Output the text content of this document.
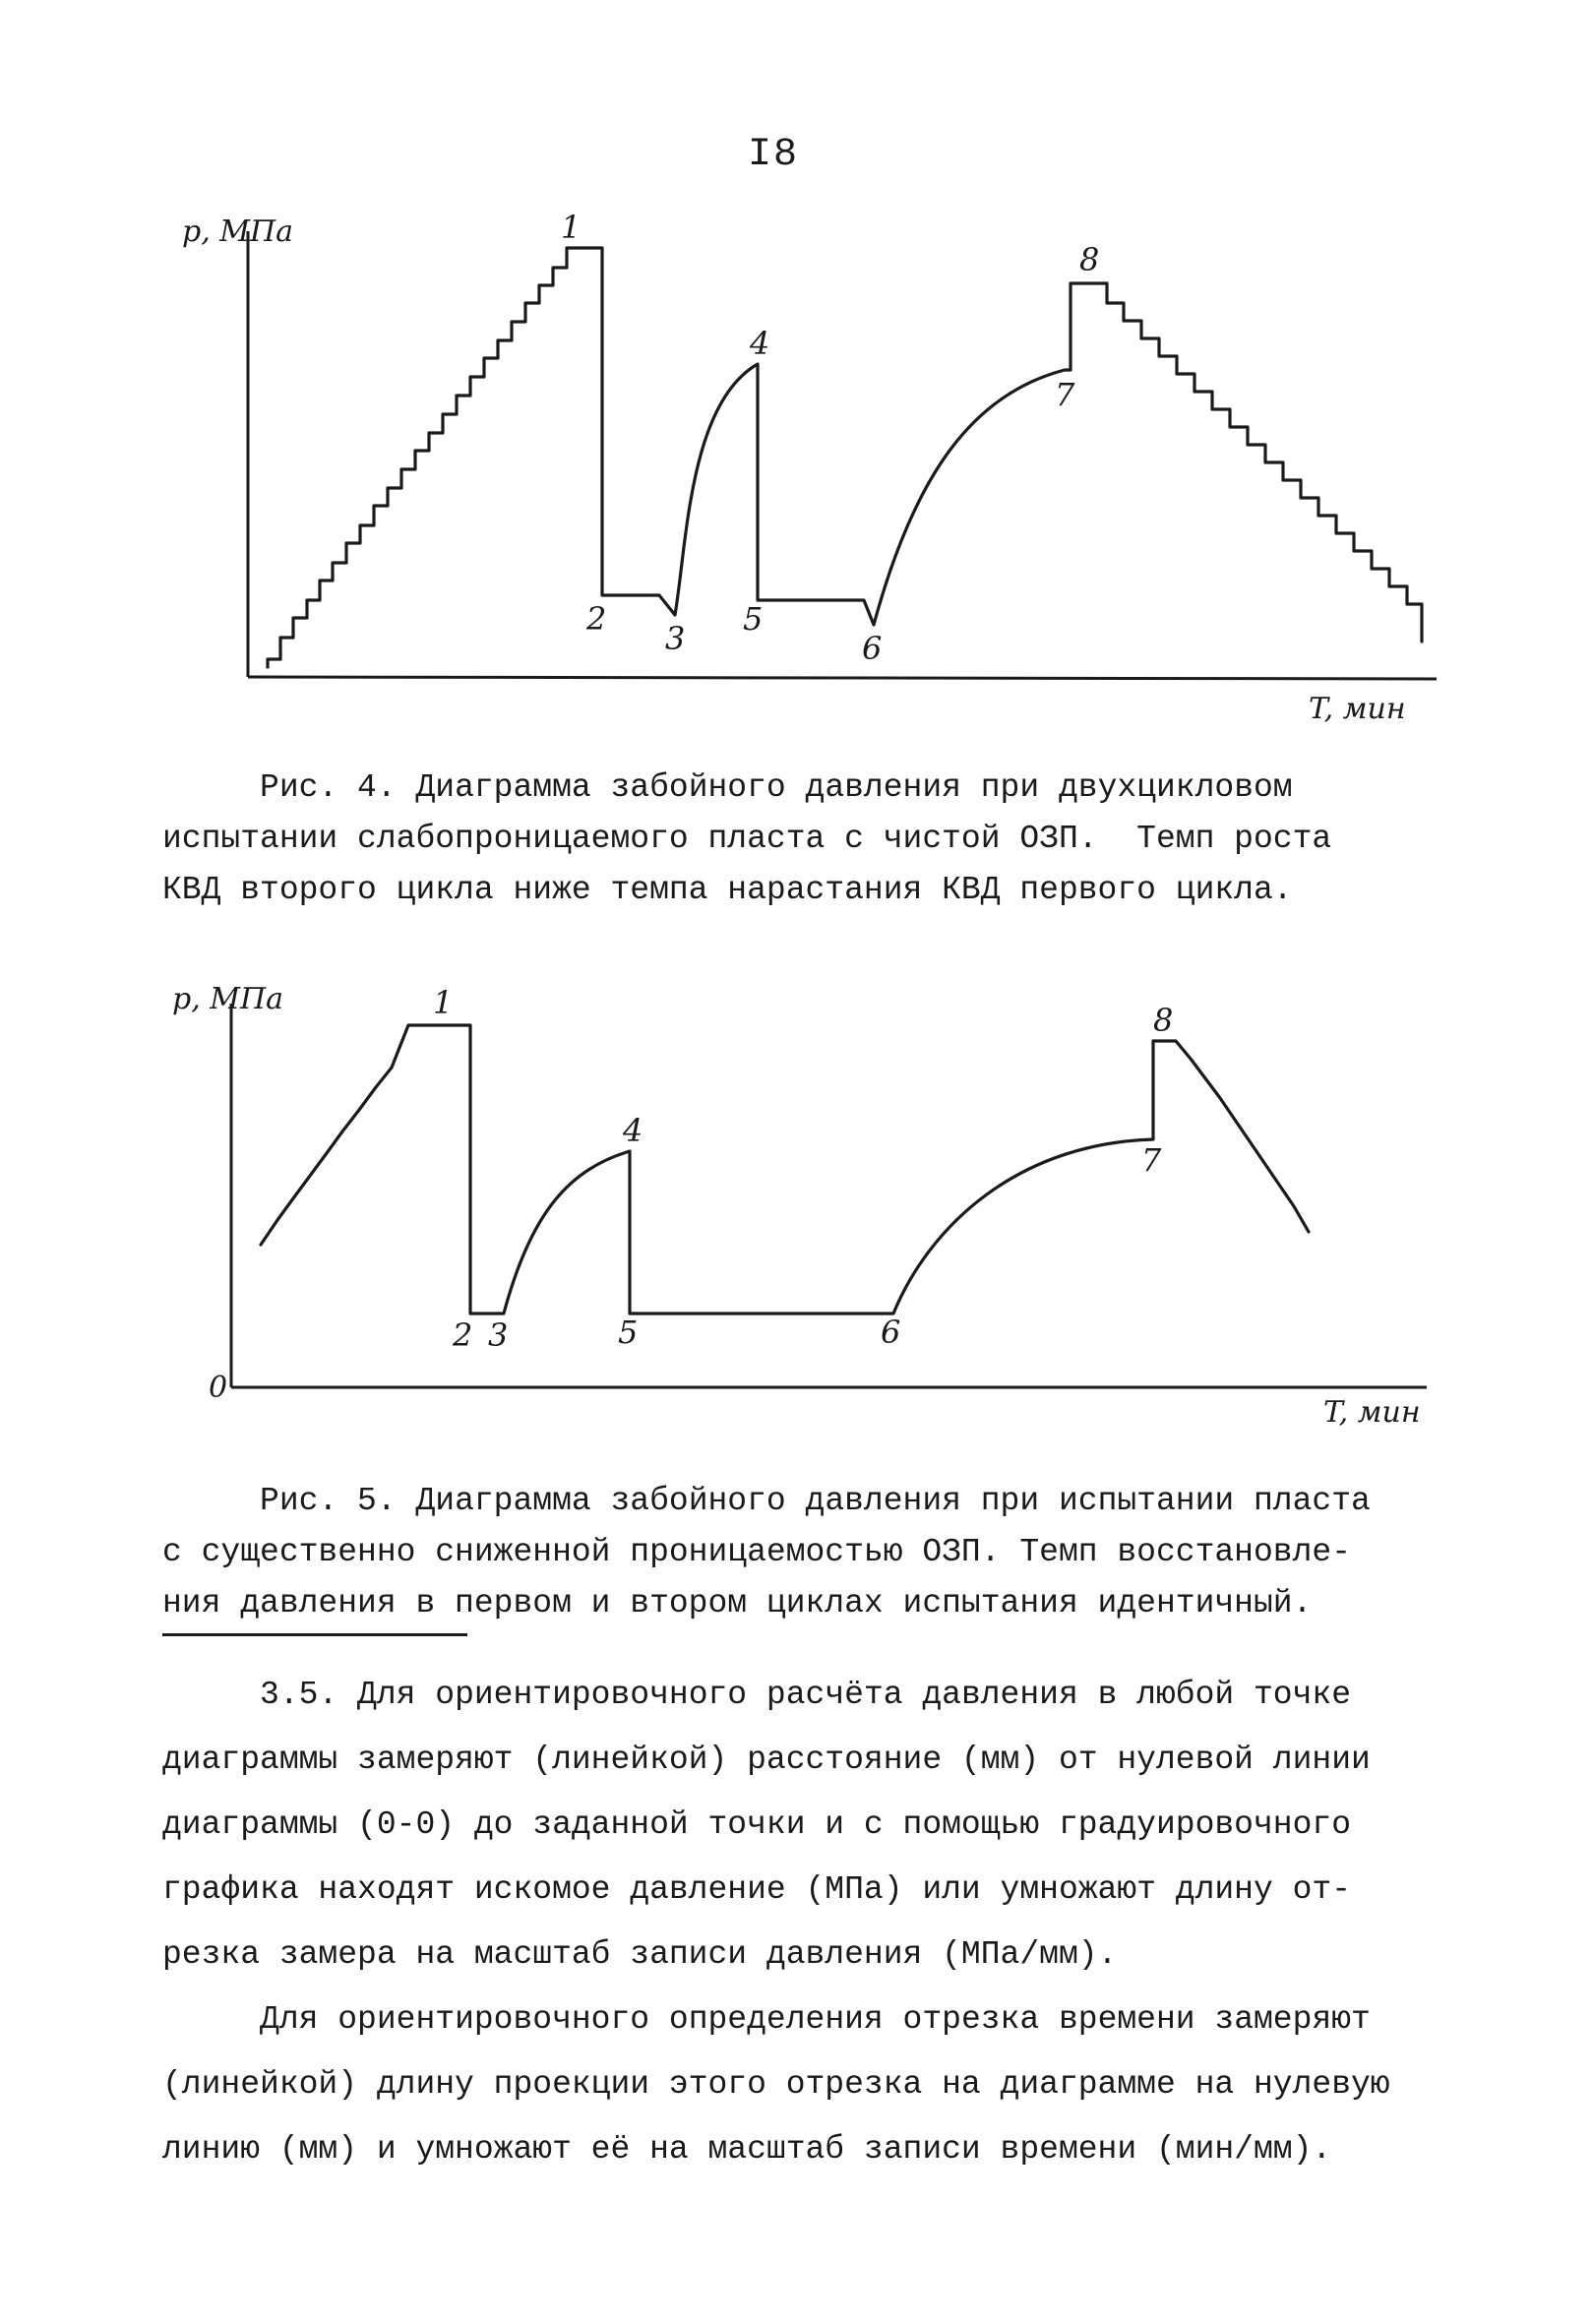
I8
p, МПа
T, мин
1
2
3
4
5
6
7
8
Рис. 4. Диаграмма забойного давления при двухцикловом
испытании слабопроницаемого пласта с чистой ОЗП.  Темп роста
КВД второго цикла ниже темпа нарастания КВД первого цикла.
p, МПа
0
T, мин
1
2 3
4
5	6
7
8
Рис. 5. Диаграмма забойного давления при испытании пласта
с существенно сниженной проницаемостью ОЗП. Темп восстановле-
ния давления в первом и втором циклах испытания идентичный.
3.5. Для ориентировочного расчёта давления в любой точке
диаграммы замеряют (линейкой) расстояние (мм) от нулевой линии
диаграммы (0-0) до заданной точки и с помощью градуировочного
графика находят искомое давление (МПа) или умножают длину от-
резка замера на масштаб записи давления (МПа/мм).
Для ориентировочного определения отрезка времени замеряют
(линейкой) длину проекции этого отрезка на диаграмме на нулевую
линию (мм) и умножают её на масштаб записи времени (мин/мм).
